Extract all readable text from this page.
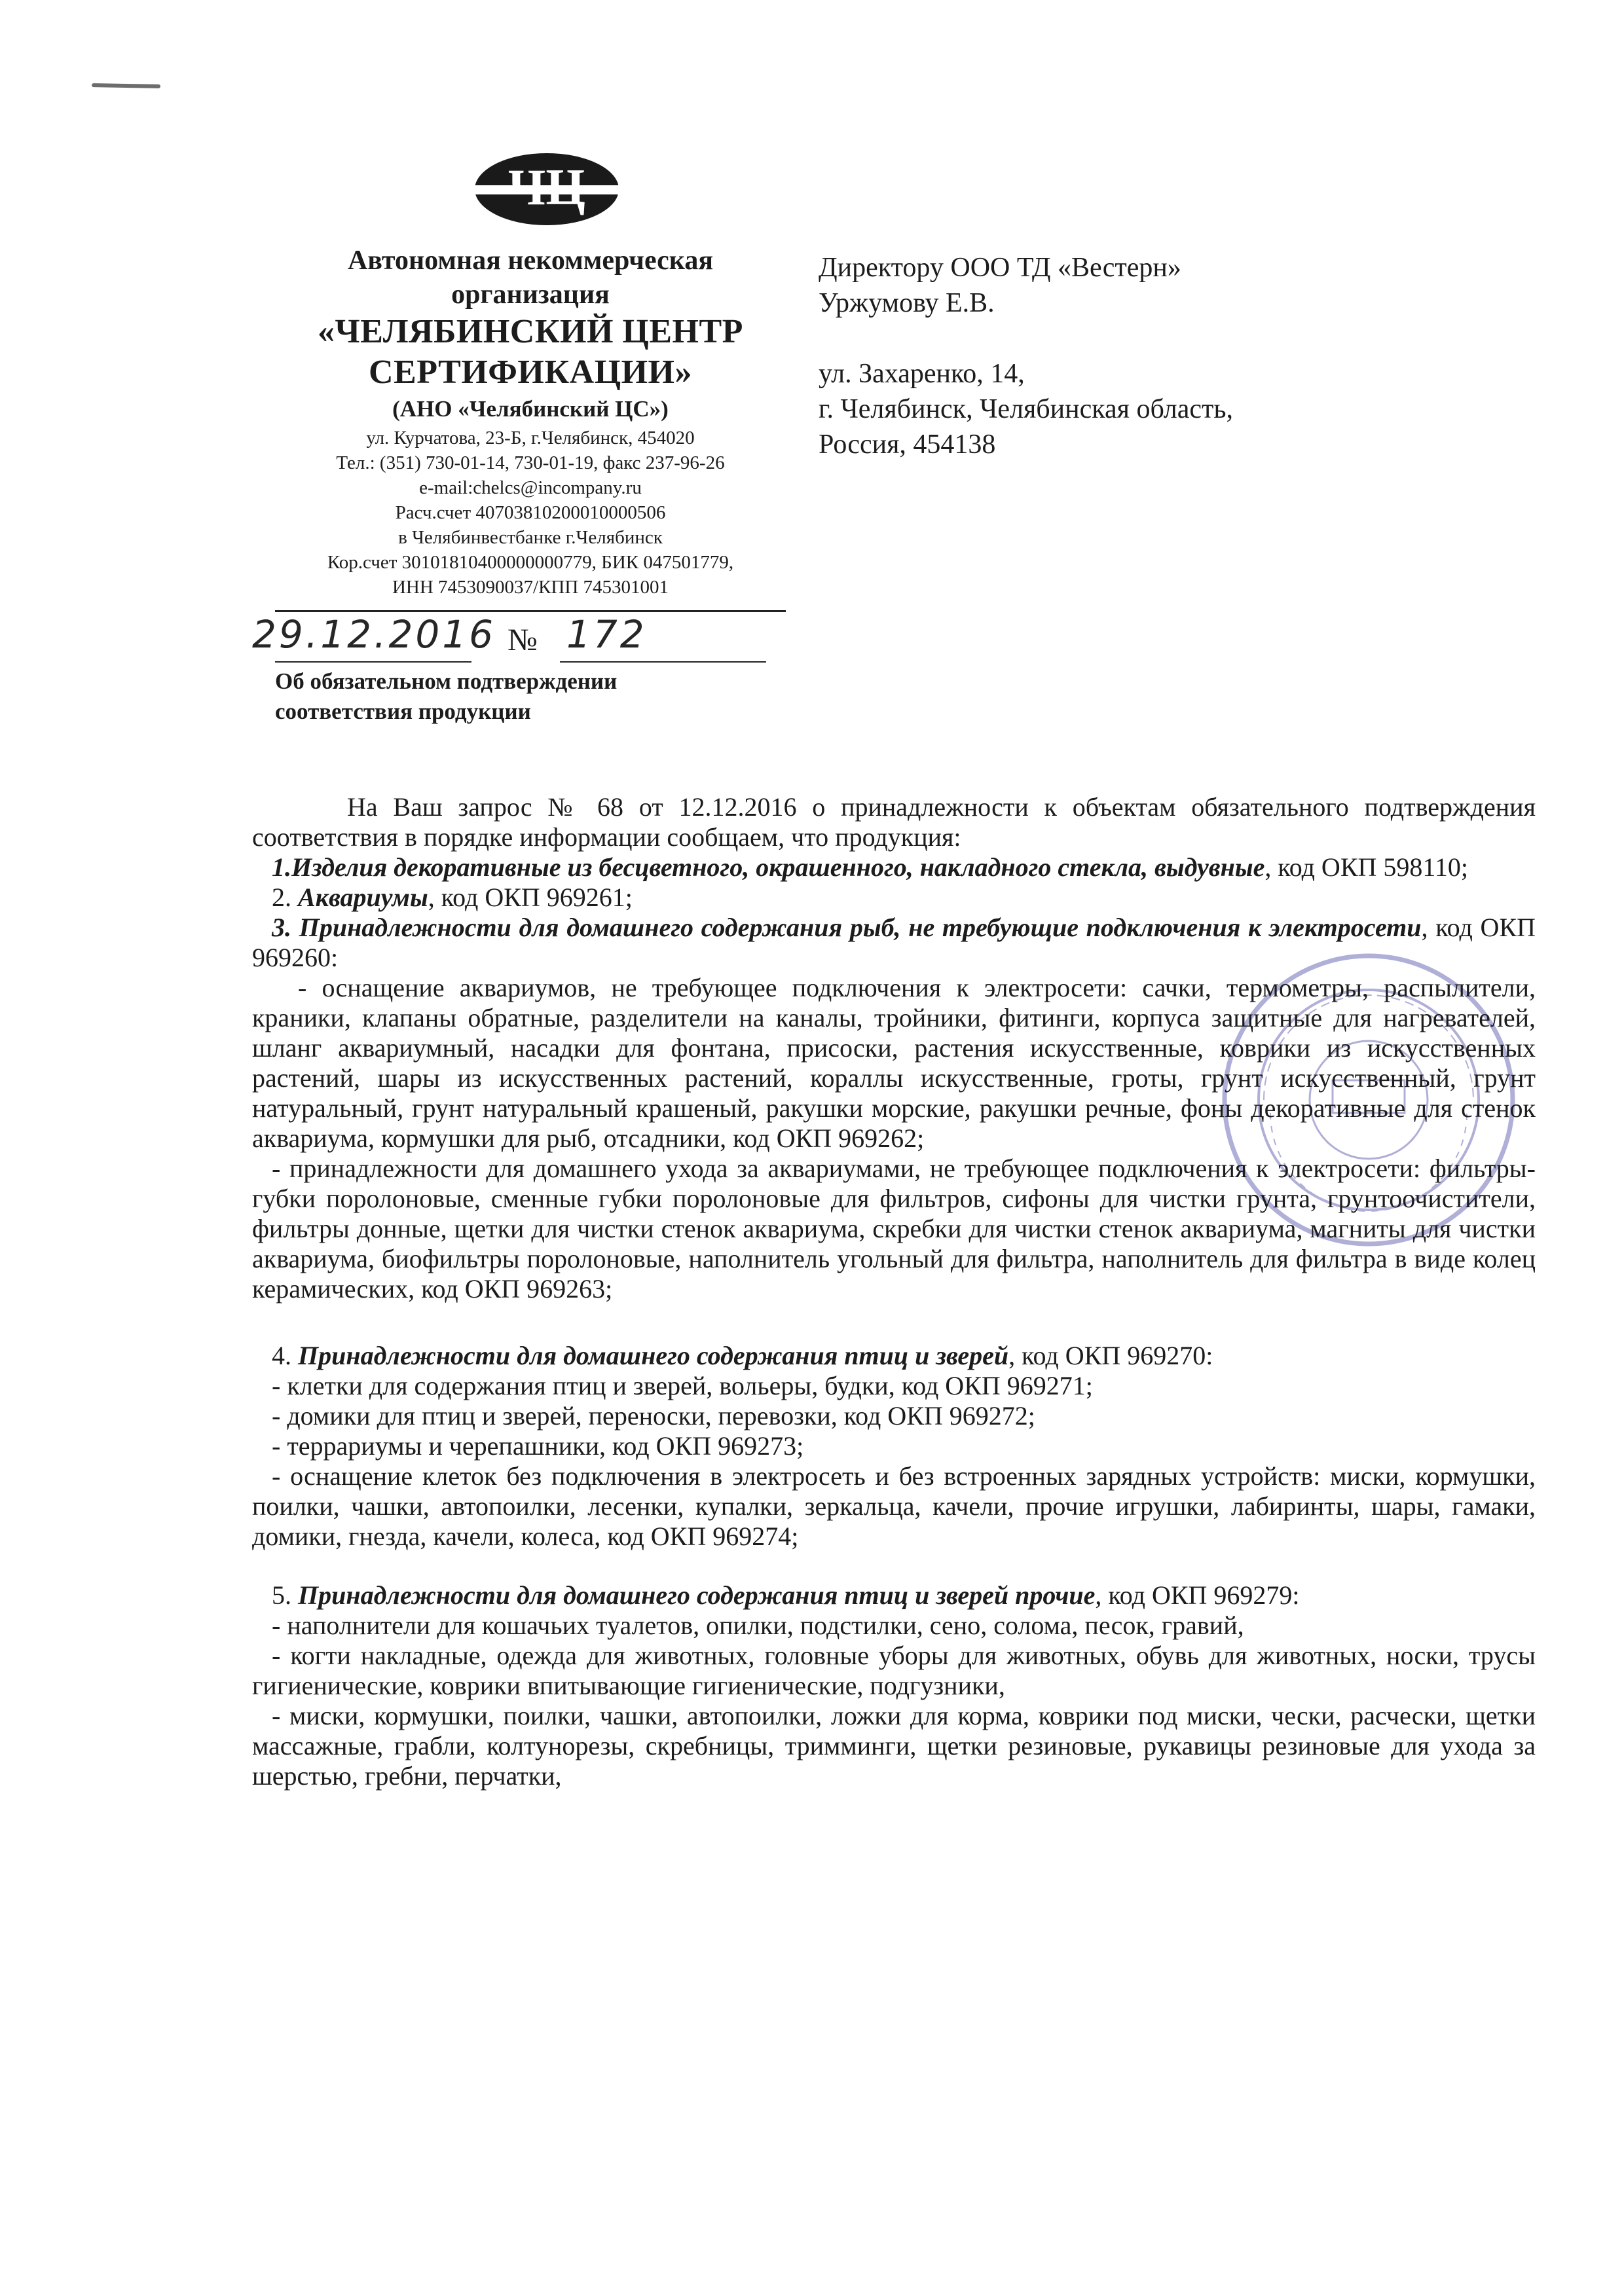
ЧЦ
Автономная некоммерческая
организация
«ЧЕЛЯБИНСКИЙ ЦЕНТР
СЕРТИФИКАЦИИ»
(АНО «Челябинский ЦС»)
ул. Курчатова, 23-Б, г.Челябинск, 454020
Тел.: (351) 730-01-14, 730-01-19, факс 237-96-26
e-mail:chelcs@incompany.ru
Расч.счет 40703810200010000506
в Челябинвестбанке г.Челябинск
Кор.счет 30101810400000000779, БИК 047501779,
ИНН 7453090037/КПП 745301001
29.12.2016 № 172
Об обязательном подтверждении
соответствия продукции
Директору ООО ТД «Вестерн»
Уржумову Е.В.
ул. Захаренко, 14,
г. Челябинск, Челябинская область,
Россия, 454138

На Ваш запрос № 68 от 12.12.2016 о принадлежности к объектам обязательного подтверждения соответствия в порядке информации сообщаем, что продукция:

1.Изделия декоративные из бесцветного, окрашенного, накладного стекла, выдувные, код ОКП 598110;

2. Аквариумы, код ОКП 969261;

3. Принадлежности для домашнего содержания рыб, не требующие подключения к электросети, код ОКП 969260:

- оснащение аквариумов, не требующее подключения к электросети: сачки, термометры, распылители, краники, клапаны обратные, разделители на каналы, тройники, фитинги, корпуса защитные для нагревателей, шланг аквариумный, насадки для фонтана, присоски, растения искусственные, коврики из искусственных растений, шары из искусственных растений, кораллы искусственные, гроты, грунт искусственный, грунт натуральный, грунт натуральный крашеный, ракушки морские, ракушки речные, фоны декоративные для стенок аквариума, кормушки для рыб, отсадники, код ОКП 969262;

- принадлежности для домашнего ухода за аквариумами, не требующее подключения к электросети: фильтры-губки поролоновые, сменные губки поролоновые для фильтров, сифоны для чистки грунта, грунтоочистители, фильтры донные, щетки для чистки стенок аквариума, скребки для чистки стенок аквариума, магниты для чистки аквариума, биофильтры поролоновые, наполнитель угольный для фильтра, наполнитель для фильтра в виде колец керамических, код ОКП 969263;

4. Принадлежности для домашнего содержания птиц и зверей, код ОКП 969270:

- клетки для содержания птиц и зверей, вольеры, будки, код ОКП 969271;

- домики для птиц и зверей, переноски, перевозки, код ОКП 969272;

- террариумы и черепашники, код ОКП 969273;

- оснащение клеток без подключения в электросеть и без встроенных зарядных устройств: миски, кормушки, поилки, чашки, автопоилки, лесенки, купалки, зеркальца, качели, прочие игрушки, лабиринты, шары, гамаки, домики, гнезда, качели, колеса, код ОКП 969274;

5. Принадлежности для домашнего содержания птиц и зверей прочие, код ОКП 969279:

- наполнители для кошачьих туалетов, опилки, подстилки, сено, солома, песок, гравий,

- когти накладные, одежда для животных, головные уборы для животных, обувь для животных, носки, трусы гигиенические, коврики впитывающие гигиенические, подгузники,

- миски, кормушки, поилки, чашки, автопоилки, ложки для корма, коврики под миски, чески, расчески, щетки массажные, грабли, колтунорезы, скребницы, тримминги, щетки резиновые, рукавицы резиновые для ухода за шерстью, гребни, перчатки,
